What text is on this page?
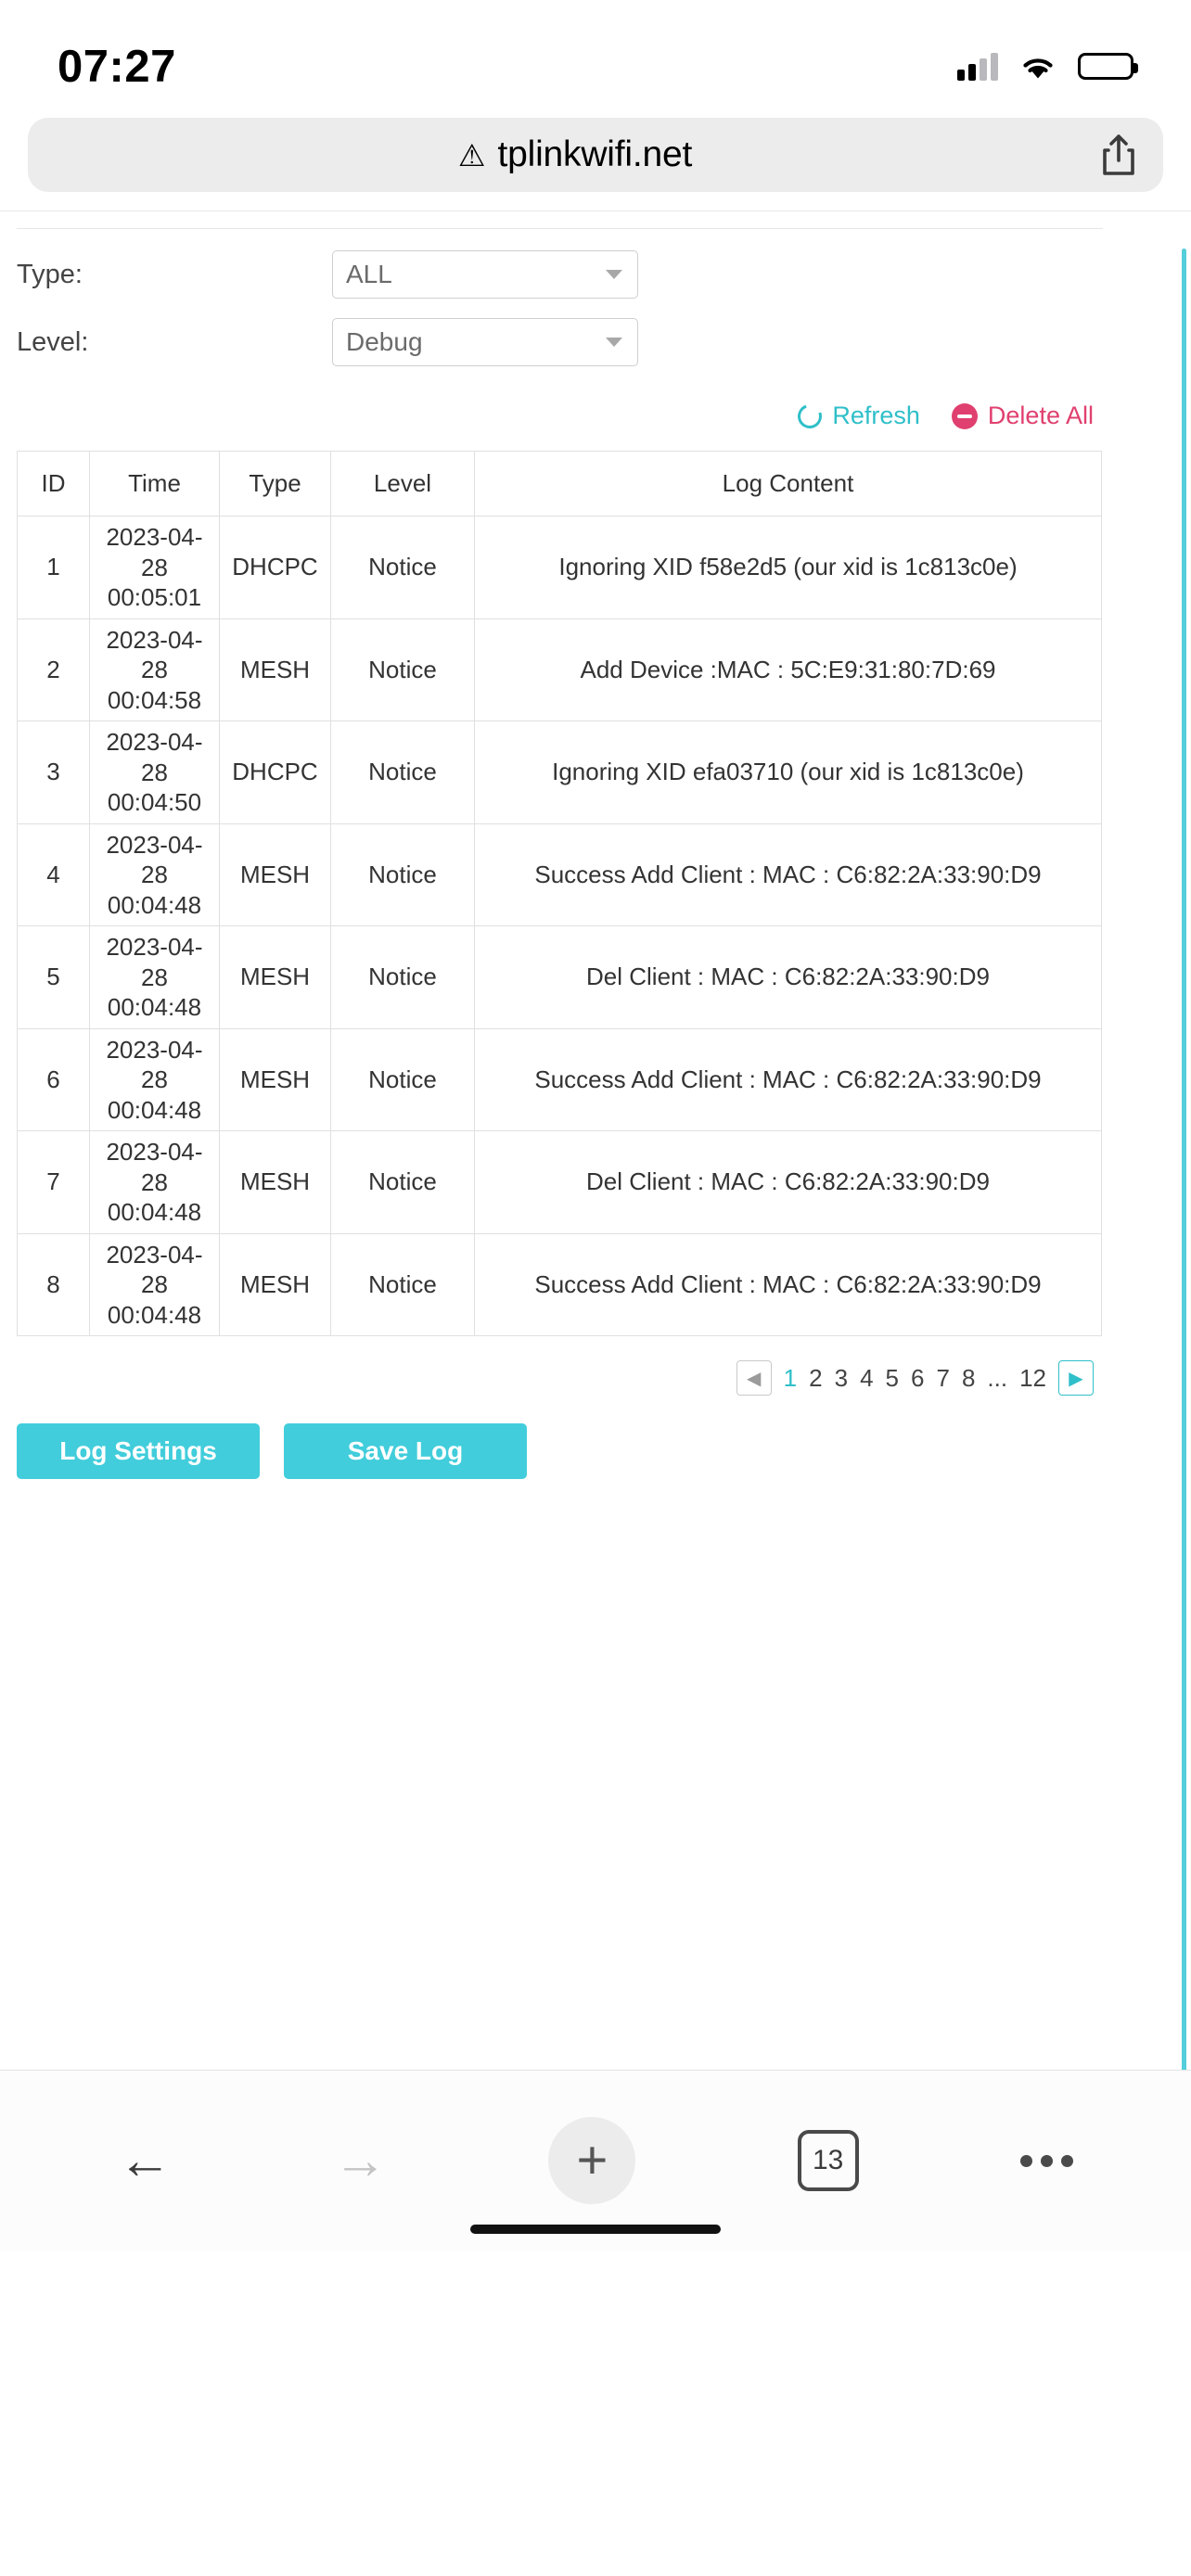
07:27
⚠ tplinkwifi.net
Type:	ALL
Level:	Debug
Refresh	Delete All
ID	Time	Type	Level	Log Content
1	2023-04-28 00:05:01	DHCPC	Notice	Ignoring XID f58e2d5 (our xid is 1c813c0e)
2	2023-04-28 00:04:58	MESH	Notice	Add Device :MAC : 5C:E9:31:80:7D:69
3	2023-04-28 00:04:50	DHCPC	Notice	Ignoring XID efa03710 (our xid is 1c813c0e)
4	2023-04-28 00:04:48	MESH	Notice	Success Add Client : MAC : C6:82:2A:33:90:D9
5	2023-04-28 00:04:48	MESH	Notice	Del Client : MAC : C6:82:2A:33:90:D9
6	2023-04-28 00:04:48	MESH	Notice	Success Add Client : MAC : C6:82:2A:33:90:D9
7	2023-04-28 00:04:48	MESH	Notice	Del Client : MAC : C6:82:2A:33:90:D9
8	2023-04-28 00:04:48	MESH	Notice	Success Add Client : MAC : C6:82:2A:33:90:D9
◀ 1 2 3 4 5 6 7 8 ... 12	▶
Log Settings	Save Log
←	→	+	13
